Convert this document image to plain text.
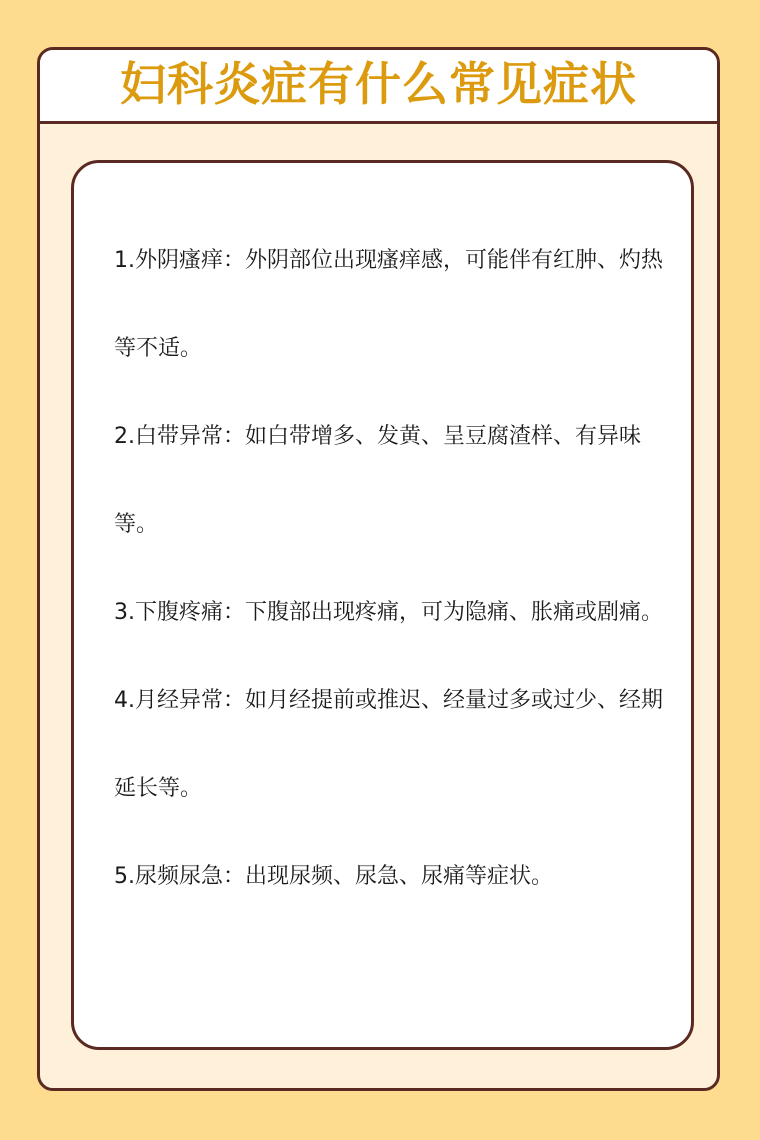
妇科炎症有什么常见症状
1.外阴瘙痒：外阴部位出现瘙痒感，可能伴有红肿、灼热等不适。
2.白带异常：如白带增多、发黄、呈豆腐渣样、有异味等。
3.下腹疼痛：下腹部出现疼痛，可为隐痛、胀痛或剧痛。
4.月经异常：如月经提前或推迟、经量过多或过少、经期延长等。
5.尿频尿急：出现尿频、尿急、尿痛等症状。
